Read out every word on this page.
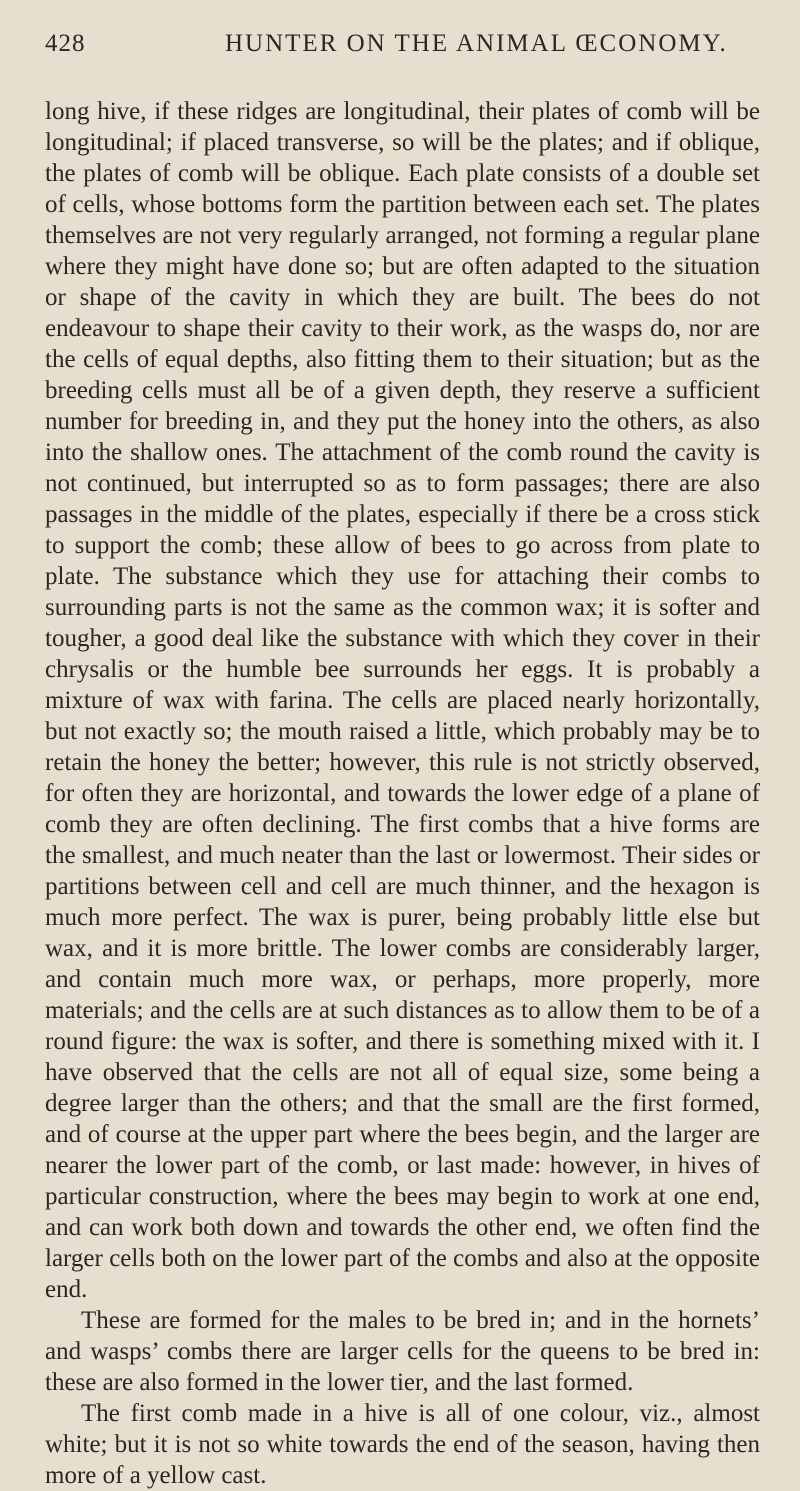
428	HUNTER ON THE ANIMAL ŒCONOMY.

long hive, if these ridges are longitudinal, their plates of comb will be longitudinal; if placed transverse, so will be the plates; and if oblique, the plates of comb will be oblique. Each plate consists of a double set of cells, whose bottoms form the partition between each set. The plates themselves are not very regularly arranged, not forming a regular plane where they might have done so; but are often adapted to the situation or shape of the cavity in which they are built. The bees do not endeavour to shape their cavity to their work, as the wasps do, nor are the cells of equal depths, also fitting them to their situation; but as the breeding cells must all be of a given depth, they reserve a sufficient number for breeding in, and they put the honey into the others, as also into the shallow ones. The attachment of the comb round the cavity is not continued, but interrupted so as to form passages; there are also passages in the middle of the plates, especially if there be a cross stick to support the comb; these allow of bees to go across from plate to plate. The substance which they use for attaching their combs to surrounding parts is not the same as the common wax; it is softer and tougher, a good deal like the substance with which they cover in their chrysalis or the humble bee surrounds her eggs. It is probably a mixture of wax with farina. The cells are placed nearly horizontally, but not exactly so; the mouth raised a little, which probably may be to retain the honey the better; however, this rule is not strictly observed, for often they are horizontal, and towards the lower edge of a plane of comb they are often declining. The first combs that a hive forms are the smallest, and much neater than the last or lowermost. Their sides or partitions between cell and cell are much thinner, and the hexagon is much more perfect. The wax is purer, being probably little else but wax, and it is more brittle. The lower combs are considerably larger, and contain much more wax, or perhaps, more properly, more materials; and the cells are at such distances as to allow them to be of a round figure: the wax is softer, and there is something mixed with it. I have observed that the cells are not all of equal size, some being a degree larger than the others; and that the small are the first formed, and of course at the upper part where the bees begin, and the larger are nearer the lower part of the comb, or last made: however, in hives of particular construction, where the bees may begin to work at one end, and can work both down and towards the other end, we often find the larger cells both on the lower part of the combs and also at the opposite end.

These are formed for the males to be bred in; and in the hornets’ and wasps’ combs there are larger cells for the queens to be bred in: these are also formed in the lower tier, and the last formed.

The first comb made in a hive is all of one colour, viz., almost white; but it is not so white towards the end of the season, having then more of a yellow cast.
